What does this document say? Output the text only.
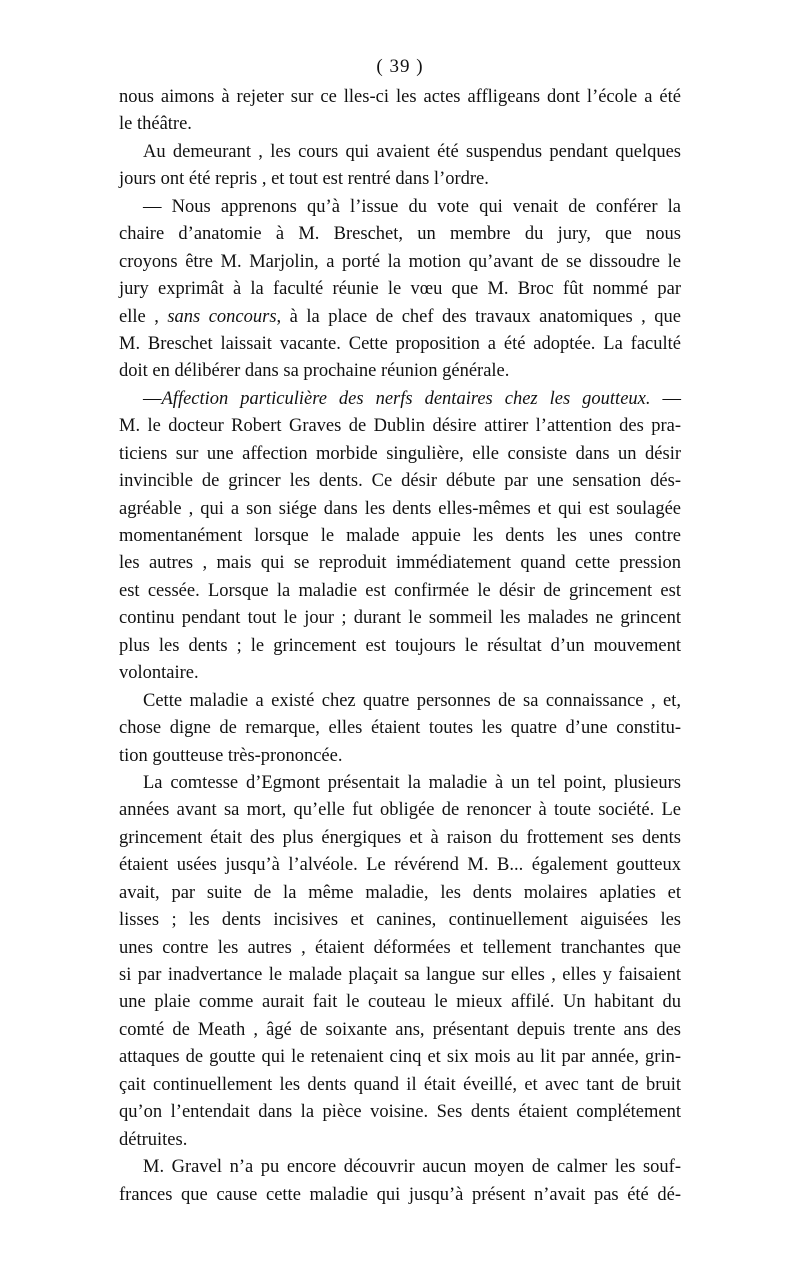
( 39 )
nous aimons à rejeter sur ce lles-ci les actes affligeans dont l’école a été
le théâtre.
Au demeurant , les cours qui avaient été suspendus pendant quelques
jours ont été repris , et tout est rentré dans l’ordre.
— Nous apprenons qu’à l’issue du vote qui venait de conférer la
chaire d’anatomie à M. Breschet, un membre du jury, que nous
croyons être M. Marjolin, a porté la motion qu’avant de se dissoudre le
jury exprimât à la faculté réunie le vœu que M. Broc fût nommé par
elle , sans concours, à la place de chef des travaux anatomiques , que
M. Breschet laissait vacante. Cette proposition a été adoptée. La faculté
doit en délibérer dans sa prochaine réunion générale.
—Affection particulière des nerfs dentaires chez les goutteux. —
M. le docteur Robert Graves de Dublin désire attirer l’attention des pra-
ticiens sur une affection morbide singulière, elle consiste dans un désir
invincible de grincer les dents. Ce désir débute par une sensation dés-
agréable , qui a son siége dans les dents elles-mêmes et qui est soulagée
momentanément lorsque le malade appuie les dents les unes contre
les autres , mais qui se reproduit immédiatement quand cette pression
est cessée. Lorsque la maladie est confirmée le désir de grincement est
continu pendant tout le jour ; durant le sommeil les malades ne grincent
plus les dents ; le grincement est toujours le résultat d’un mouvement
volontaire.
Cette maladie a existé chez quatre personnes de sa connaissance , et,
chose digne de remarque, elles étaient toutes les quatre d’une constitu-
tion goutteuse très-prononcée.
La comtesse d’Egmont présentait la maladie à un tel point, plusieurs
années avant sa mort, qu’elle fut obligée de renoncer à toute société. Le
grincement était des plus énergiques et à raison du frottement ses dents
étaient usées jusqu’à l’alvéole. Le révérend M. B... également goutteux
avait, par suite de la même maladie, les dents molaires aplaties et
lisses ; les dents incisives et canines, continuellement aiguisées les
unes contre les autres , étaient déformées et tellement tranchantes que
si par inadvertance le malade plaçait sa langue sur elles , elles y faisaient
une plaie comme aurait fait le couteau le mieux affilé. Un habitant du
comté de Meath , âgé de soixante ans, présentant depuis trente ans des
attaques de goutte qui le retenaient cinq et six mois au lit par année, grin-
çait continuellement les dents quand il était éveillé, et avec tant de bruit
qu’on l’entendait dans la pièce voisine. Ses dents étaient complétement
détruites.
M. Gravel n’a pu encore découvrir aucun moyen de calmer les souf-
frances que cause cette maladie qui jusqu’à présent n’avait pas été dé-
